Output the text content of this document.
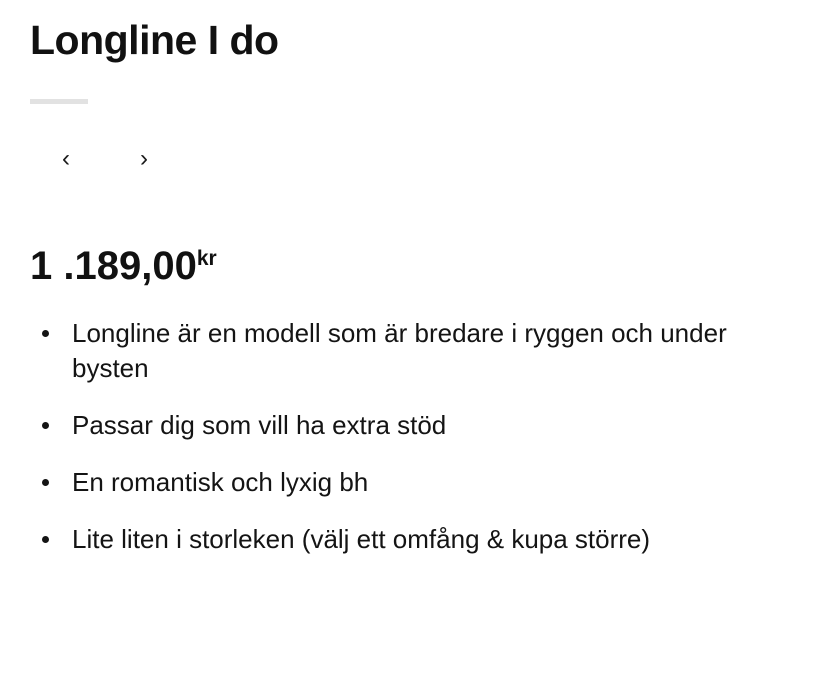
Longline I do
‹	›
1 .189,00 kr
Longline är en modell som är bredare i ryggen och under bysten
Passar dig som vill ha extra stöd
En romantisk och lyxig bh
Lite liten i storleken (välj ett omfång & kupa större)
